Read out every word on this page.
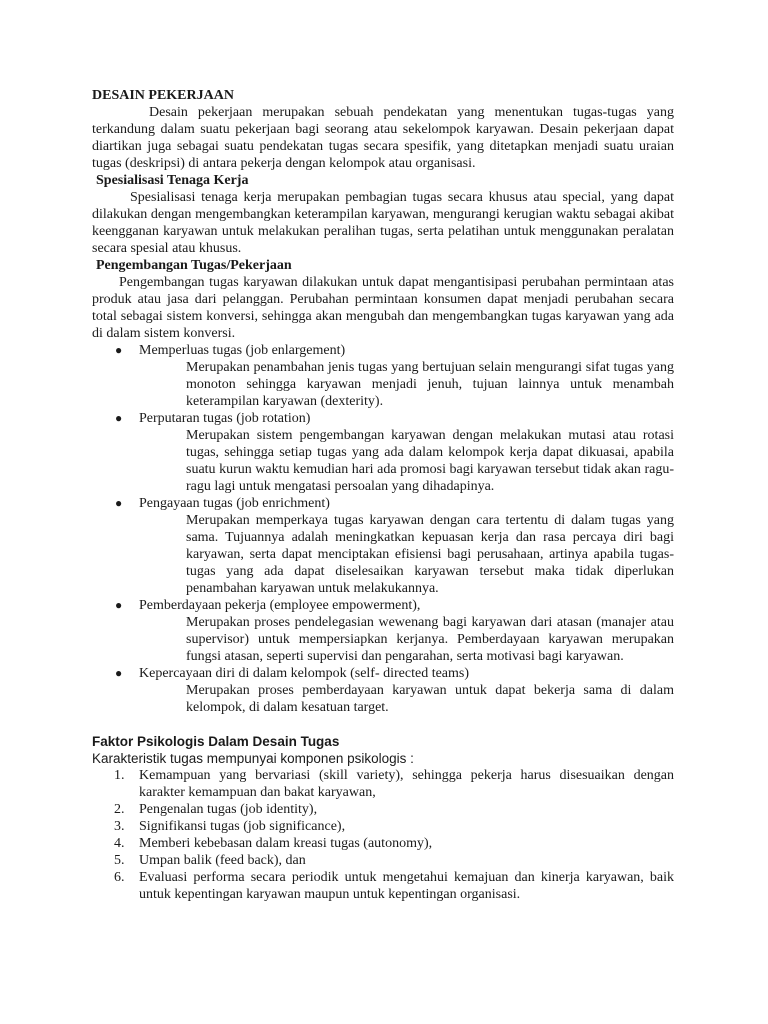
DESAIN PEKERJAAN

Desain pekerjaan merupakan sebuah pendekatan yang menentukan tugas-tugas yang terkandung dalam suatu pekerjaan bagi seorang atau sekelompok karyawan. Desain pekerjaan dapat diartikan juga sebagai suatu pendekatan tugas secara spesifik, yang ditetapkan menjadi suatu uraian tugas (deskripsi) di antara pekerja dengan kelompok atau organisasi.

Spesialisasi Tenaga Kerja

Spesialisasi tenaga kerja merupakan pembagian tugas secara khusus atau special, yang dapat dilakukan dengan mengembangkan keterampilan karyawan, mengurangi kerugian waktu sebagai akibat keengganan karyawan untuk melakukan peralihan tugas, serta pelatihan untuk menggunakan peralatan secara spesial atau khusus.

Pengembangan Tugas/Pekerjaan

Pengembangan tugas karyawan dilakukan untuk dapat mengantisipasi perubahan permintaan atas produk atau jasa dari pelanggan. Perubahan permintaan konsumen dapat menjadi perubahan secara total sebagai sistem konversi, sehingga akan mengubah dan mengembangkan tugas karyawan yang ada di dalam sistem konversi.

● Memperluas tugas (job enlargement)
Merupakan penambahan jenis tugas yang bertujuan selain mengurangi sifat tugas yang monoton sehingga karyawan menjadi jenuh, tujuan lainnya untuk menambah keterampilan karyawan (dexterity).
● Perputaran tugas (job rotation)
Merupakan sistem pengembangan karyawan dengan melakukan mutasi atau rotasi tugas, sehingga setiap tugas yang ada dalam kelompok kerja dapat dikuasai, apabila suatu kurun waktu kemudian hari ada promosi bagi karyawan tersebut tidak akan ragu-ragu lagi untuk mengatasi persoalan yang dihadapinya.
● Pengayaan tugas (job enrichment)
Merupakan memperkaya tugas karyawan dengan cara tertentu di dalam tugas yang sama. Tujuannya adalah meningkatkan kepuasan kerja dan rasa percaya diri bagi karyawan, serta dapat menciptakan efisiensi bagi perusahaan, artinya apabila tugas-tugas yang ada dapat diselesaikan karyawan tersebut maka tidak diperlukan penambahan karyawan untuk melakukannya.
● Pemberdayaan pekerja (employee empowerment),
Merupakan proses pendelegasian wewenang bagi karyawan dari atasan (manajer atau supervisor) untuk mempersiapkan kerjanya. Pemberdayaan karyawan merupakan fungsi atasan, seperti supervisi dan pengarahan, serta motivasi bagi karyawan.
● Kepercayaan diri di dalam kelompok (self- directed teams)
Merupakan proses pemberdayaan karyawan untuk dapat bekerja sama di dalam kelompok, di dalam kesatuan target.

Faktor Psikologis Dalam Desain Tugas

Karakteristik tugas mempunyai komponen psikologis :

1. Kemampuan yang bervariasi (skill variety), sehingga pekerja harus disesuaikan dengan karakter kemampuan dan bakat karyawan,
2. Pengenalan tugas (job identity),
3. Signifikansi tugas (job significance),
4. Memberi kebebasan dalam kreasi tugas (autonomy),
5. Umpan balik (feed back), dan
6. Evaluasi performa secara periodik untuk mengetahui kemajuan dan kinerja karyawan, baik untuk kepentingan karyawan maupun untuk kepentingan organisasi.
